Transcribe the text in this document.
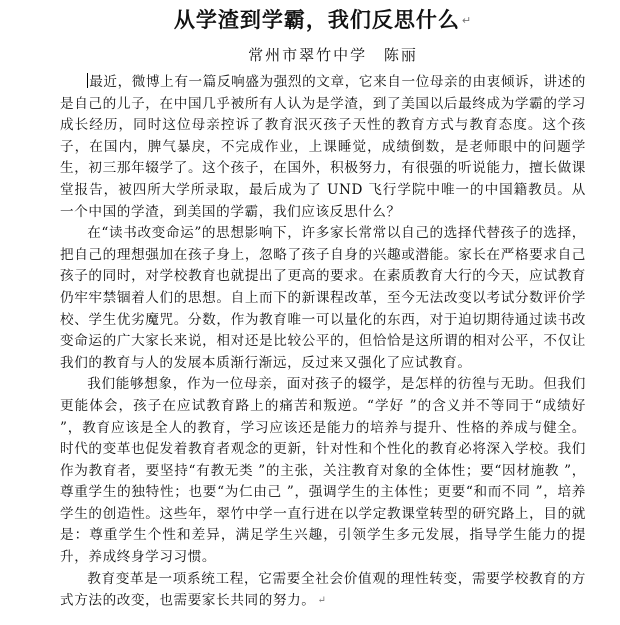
从学渣到学霸，我们反思什么 ↵
常州市翠竹中学 陈丽

最近，微博上有一篇反响盛为强烈的文章，它来自一位母亲的由衷倾诉，讲述的是自己的儿子，在中国几乎被所有人认为是学渣，到了美国以后最终成为学霸的学习成长经历，同时这位母亲控诉了教育泯灭孩子天性的教育方式与教育态度。这个孩子，在国内，脾气暴戾，不完成作业，上课睡觉，成绩倒数，是老师眼中的问题学生，初三那年辍学了。这个孩子，在国外，积极努力，有很强的听说能力，擅长做课堂报告，被四所大学所录取，最后成为了 UND 飞行学院中唯一的中国籍教员。从一个中国的学渣，到美国的学霸，我们应该反思什么？

在“读书改变命运”的思想影响下，许多家长常常以自己的选择代替孩子的选择，把自己的理想强加在孩子身上，忽略了孩子自身的兴趣或潜能。家长在严格要求自己孩子的同时，对学校教育也就提出了更高的要求。在素质教育大行的今天，应试教育仍牢牢禁锢着人们的思想。自上而下的新课程改革，至今无法改变以考试分数评价学校、学生优劣魔咒。分数，作为教育唯一可以量化的东西，对于迫切期待通过读书改变命运的广大家长来说，相对还是比较公平的，但恰恰是这所谓的相对公平，不仅让我们的教育与人的发展本质渐行渐远，反过来又强化了应试教育。

我们能够想象，作为一位母亲，面对孩子的辍学，是怎样的彷徨与无助。但我们更能体会，孩子在应试教育路上的痛苦和叛逆。“学好 ”的含义并不等同于“成绩好 ”，教育应该是全人的教育，学习应该还是能力的培养与提升、性格的养成与健全。时代的变革也促发着教育者观念的更新，针对性和个性化的教育必将深入学校。我们作为教育者，要坚持“有教无类 ”的主张，关注教育对象的全体性；要“因材施教 ”，尊重学生的独特性；也要“为仁由己 ”，强调学生的主体性；更要“和而不同 ”，培养学生的创造性。这些年，翠竹中学一直行进在以学定教课堂转型的研究路上，目的就是：尊重学生个性和差异，满足学生兴趣，引领学生多元发展，指导学生能力的提升，养成终身学习习惯。

教育变革是一项系统工程，它需要全社会价值观的理性转变，需要学校教育的方式方法的改变，也需要家长共同的努力。 ↵
